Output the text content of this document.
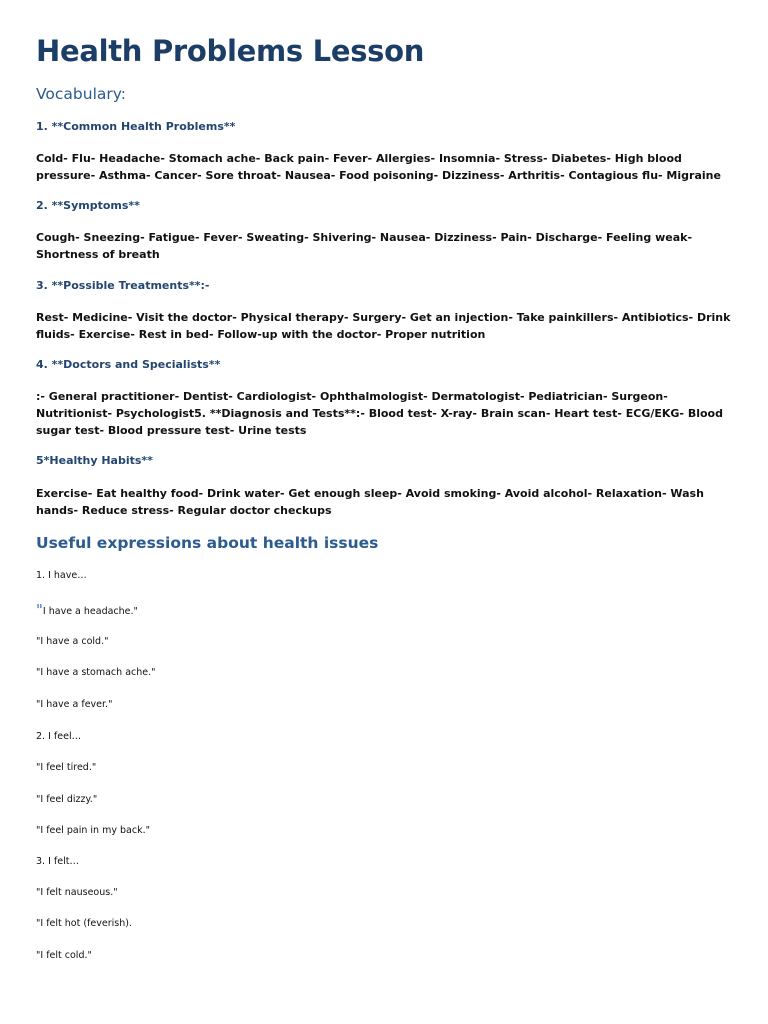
Health Problems Lesson
Vocabulary:
1. **Common Health Problems**

Cold- Flu- Headache- Stomach ache- Back pain- Fever- Allergies- Insomnia- Stress- Diabetes- High blood pressure- Asthma- Cancer- Sore throat- Nausea- Food poisoning- Dizziness- Arthritis- Contagious flu- Migraine

2. **Symptoms**

Cough- Sneezing- Fatigue- Fever- Sweating- Shivering- Nausea- Dizziness- Pain- Discharge- Feeling weak- Shortness of breath

3. **Possible Treatments**:-

Rest- Medicine- Visit the doctor- Physical therapy- Surgery- Get an injection- Take painkillers- Antibiotics- Drink fluids- Exercise- Rest in bed- Follow-up with the doctor- Proper nutrition

4. **Doctors and Specialists**

:- General practitioner- Dentist- Cardiologist- Ophthalmologist- Dermatologist- Pediatrician- Surgeon- Nutritionist- Psychologist5. **Diagnosis and Tests**:- Blood test- X-ray- Brain scan- Heart test- ECG/EKG- Blood sugar test- Blood pressure test- Urine tests

5*Healthy Habits**

Exercise- Eat healthy food- Drink water- Get enough sleep- Avoid smoking- Avoid alcohol- Relaxation- Wash hands- Reduce stress- Regular doctor checkups

Useful expressions about health issues
1. I have…
"I have a headache."
"I have a cold."
"I have a stomach ache."
"I have a fever."
2. I feel…
"I feel tired."
"I feel dizzy."
"I feel pain in my back."
3. I felt…
"I felt nauseous."
"I felt hot (feverish).
"I felt cold."
